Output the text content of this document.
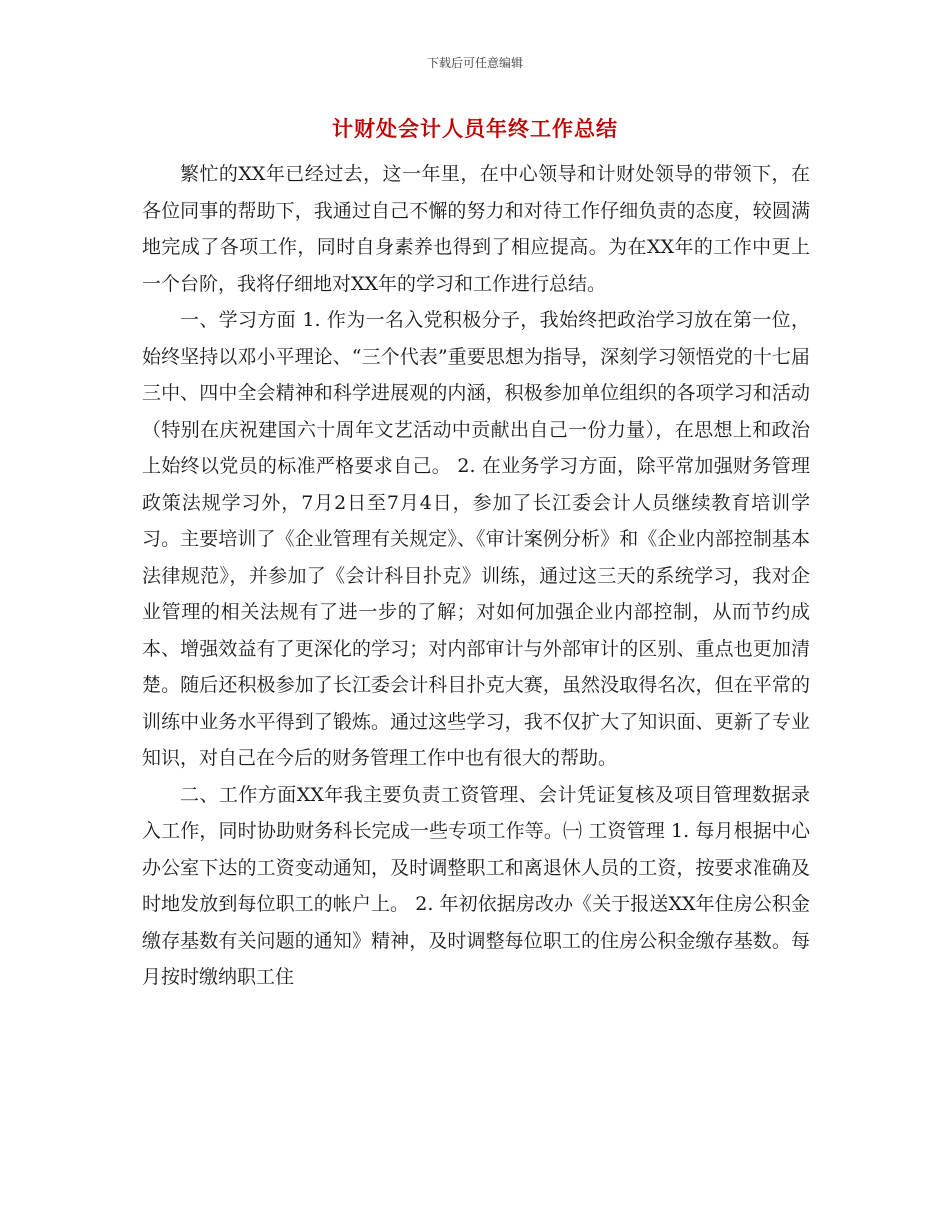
下载后可任意编辑
计财处会计人员年终工作总结

繁忙的XX年已经过去，这一年里，在中心领导和计财处领导的带领下，在各位同事的帮助下，我通过自己不懈的努力和对待工作仔细负责的态度，较圆满地完成了各项工作，同时自身素养也得到了相应提高。为在XX年的工作中更上一个台阶，我将仔细地对XX年的学习和工作进行总结。

一、学习方面 1. 作为一名入党积极分子，我始终把政治学习放在第一位，始终坚持以邓小平理论、“三个代表”重要思想为指导，深刻学习领悟党的十七届三中、四中全会精神和科学进展观的内涵，积极参加单位组织的各项学习和活动（特别在庆祝建国六十周年文艺活动中贡献出自己一份力量），在思想上和政治上始终以党员的标准严格要求自己。 2. 在业务学习方面，除平常加强财务管理政策法规学习外，7月2日至7月4日，参加了长江委会计人员继续教育培训学习。主要培训了《企业管理有关规定》、《审计案例分析》和《企业内部控制基本法律规范》，并参加了《会计科目扑克》训练，通过这三天的系统学习，我对企业管理的相关法规有了进一步的了解；对如何加强企业内部控制，从而节约成本、增强效益有了更深化的学习；对内部审计与外部审计的区别、重点也更加清楚。随后还积极参加了长江委会计科目扑克大赛，虽然没取得名次，但在平常的训练中业务水平得到了锻炼。通过这些学习，我不仅扩大了知识面、更新了专业知识，对自己在今后的财务管理工作中也有很大的帮助。

二、工作方面XX年我主要负责工资管理、会计凭证复核及项目管理数据录入工作，同时协助财务科长完成一些专项工作等。㈠ 工资管理 1. 每月根据中心办公室下达的工资变动通知，及时调整职工和离退休人员的工资，按要求准确及时地发放到每位职工的帐户上。 2. 年初依据房改办《关于报送XX年住房公积金缴存基数有关问题的通知》精神，及时调整每位职工的住房公积金缴存基数。每月按时缴纳职工住
